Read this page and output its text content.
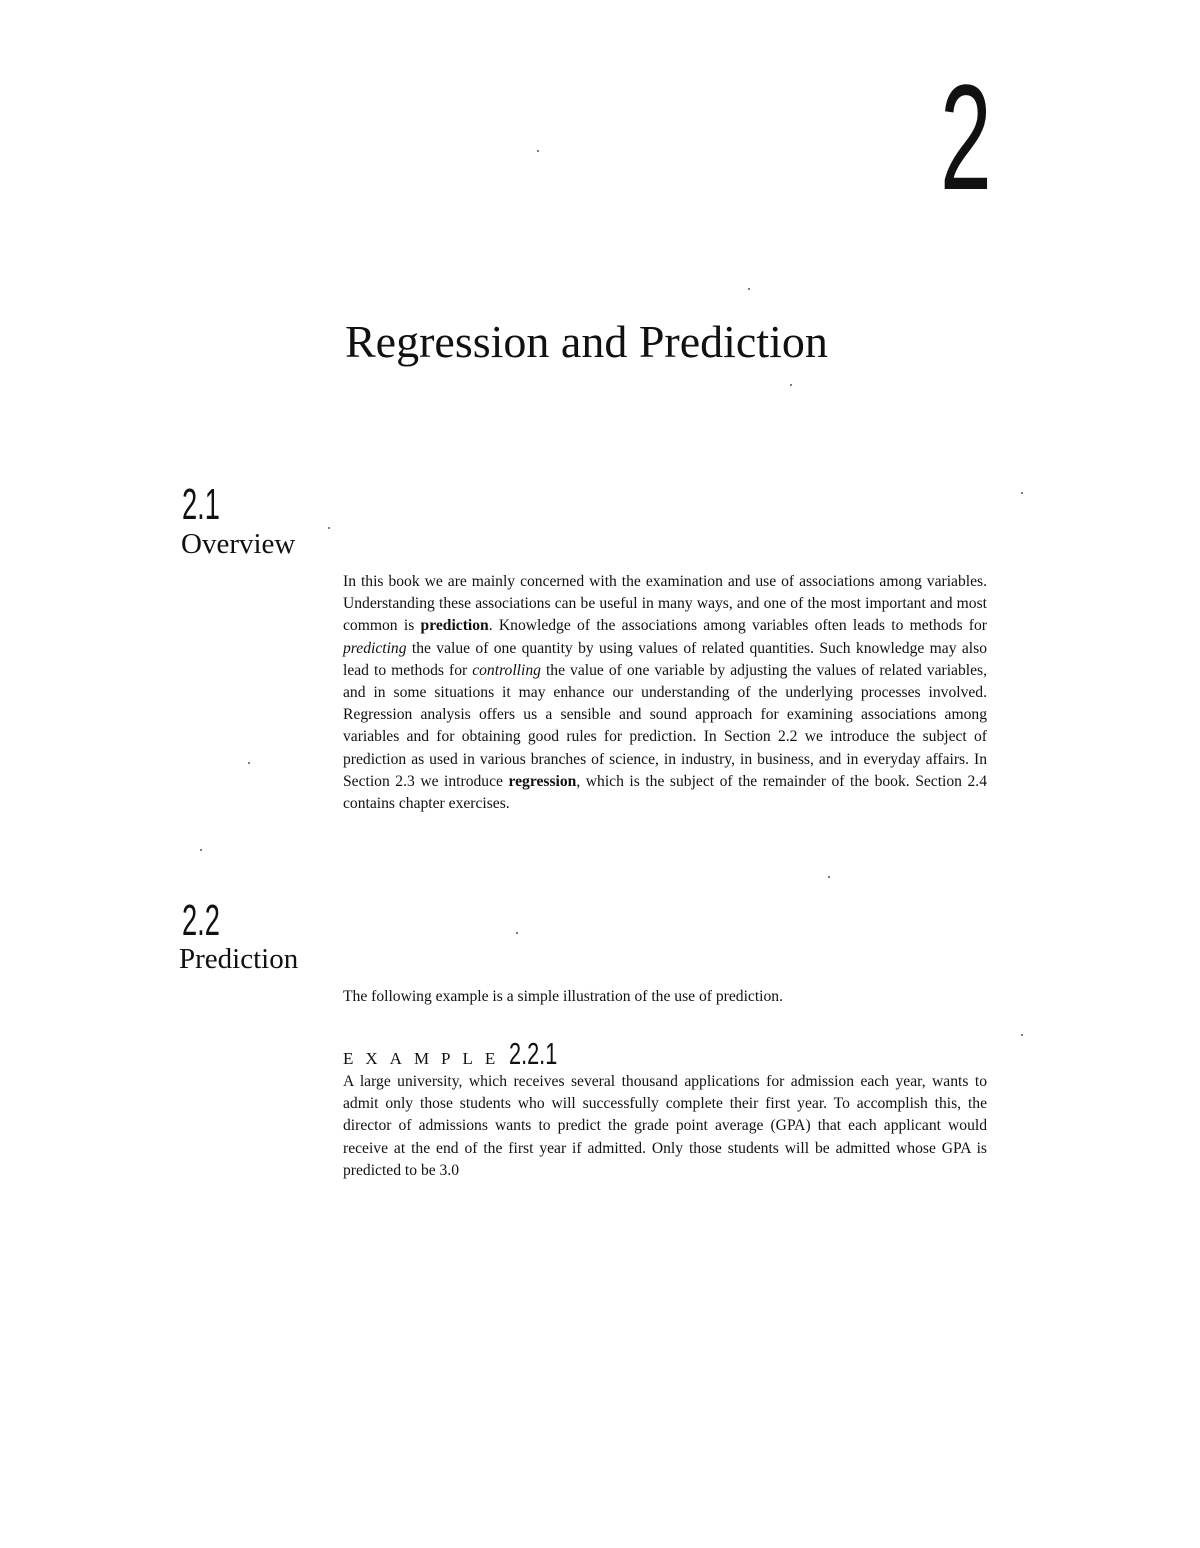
2
Regression and Prediction
2.1
Overview

In this book we are mainly concerned with the examination and use of associations among variables. Understanding these associations can be useful in many ways, and one of the most important and most common is prediction. Knowledge of the associations among variables often leads to methods for predicting the value of one quantity by using values of related quantities. Such knowledge may also lead to methods for controlling the value of one variable by adjusting the values of related variables, and in some situations it may enhance our understanding of the underlying processes involved. Regression analysis offers us a sensible and sound approach for examining associations among variables and for obtaining good rules for prediction. In Section 2.2 we introduce the subject of prediction as used in various branches of science, in industry, in business, and in everyday affairs. In Section 2.3 we introduce regression, which is the subject of the remainder of the book. Section 2.4 contains chapter exercises.

2.2
Prediction

The following example is a simple illustration of the use of prediction.

EXAMPLE2.2.1

A large university, which receives several thousand applications for admission each year, wants to admit only those students who will successfully complete their first year. To accomplish this, the director of admissions wants to predict the grade point average (GPA) that each applicant would receive at the end of the first year if admitted. Only those students will be admitted whose GPA is predicted to be 3.0
